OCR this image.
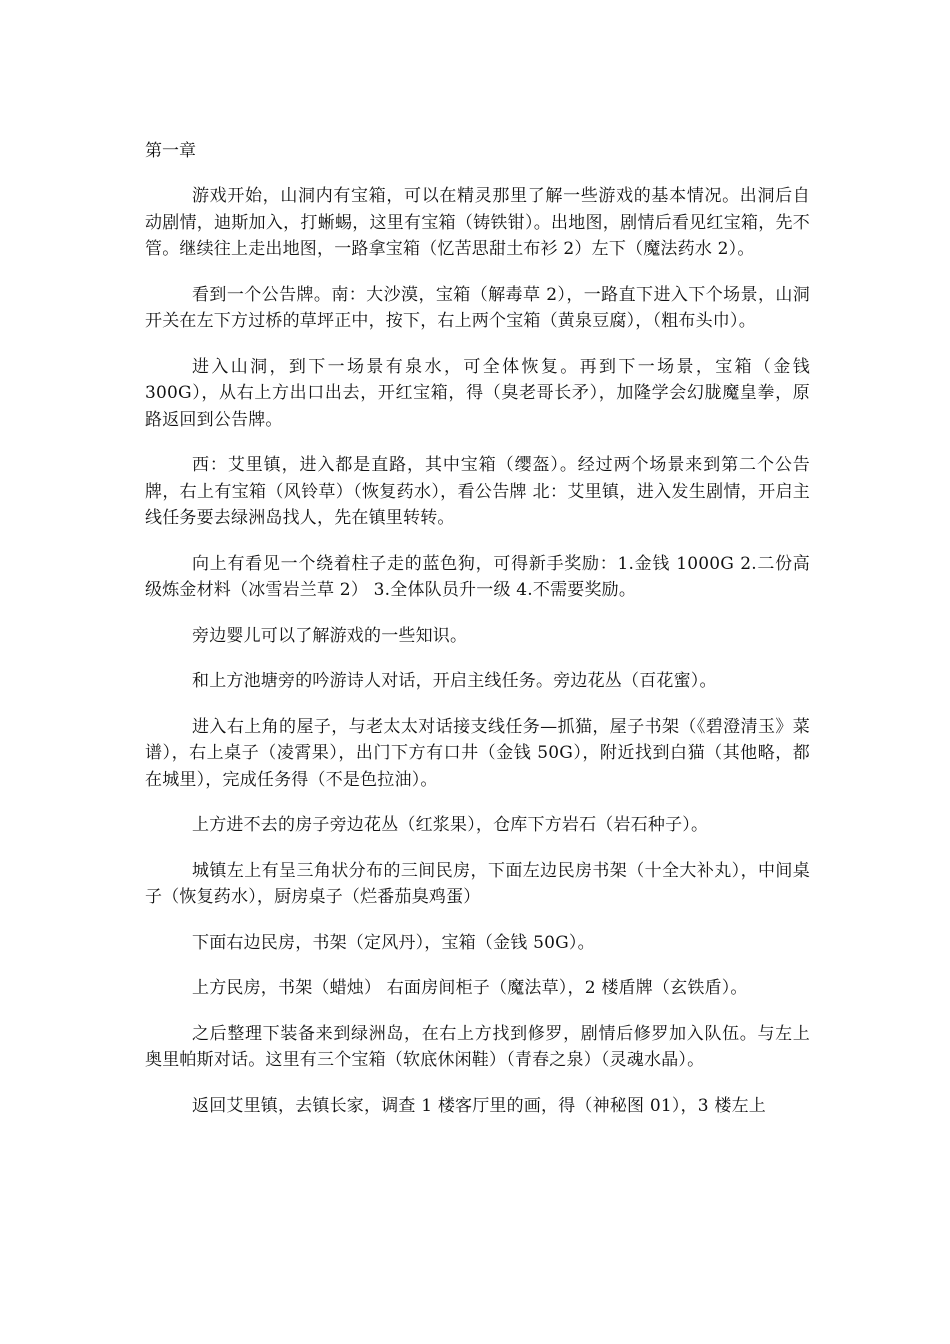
第一章

游戏开始，山洞内有宝箱，可以在精灵那里了解一些游戏的基本情况。出洞后自动剧情，迪斯加入，打蜥蜴，这里有宝箱（铸铁钳）。出地图，剧情后看见红宝箱，先不管。继续往上走出地图，一路拿宝箱（忆苦思甜土布衫 2）左下（魔法药水 2）。

看到一个公告牌。南：大沙漠，宝箱（解毒草 2），一路直下进入下个场景，山洞开关在左下方过桥的草坪正中，按下，右上两个宝箱（黄泉豆腐），（粗布头巾）。

进入山洞，到下一场景有泉水，可全体恢复。再到下一场景，宝箱（金钱 300G），从右上方出口出去，开红宝箱，得（臭老哥长矛），加隆学会幻胧魔皇拳，原路返回到公告牌。

西：艾里镇，进入都是直路，其中宝箱（缨盔）。经过两个场景来到第二个公告牌，右上有宝箱（风铃草）（恢复药水），看公告牌 北：艾里镇，进入发生剧情，开启主线任务要去绿洲岛找人，先在镇里转转。

向上有看见一个绕着柱子走的蓝色狗，可得新手奖励：1.金钱 1000G 2.二份高级炼金材料（冰雪岩兰草 2） 3.全体队员升一级 4.不需要奖励。

旁边婴儿可以了解游戏的一些知识。

和上方池塘旁的吟游诗人对话，开启主线任务。旁边花丛（百花蜜）。

进入右上角的屋子，与老太太对话接支线任务—抓猫，屋子书架（《碧澄清玉》菜谱），右上桌子（凌霄果），出门下方有口井（金钱 50G），附近找到白猫（其他略，都在城里），完成任务得（不是色拉油）。

上方进不去的房子旁边花丛（红浆果），仓库下方岩石（岩石种子）。

城镇左上有呈三角状分布的三间民房，下面左边民房书架（十全大补丸），中间桌子（恢复药水），厨房桌子（烂番茄臭鸡蛋）

下面右边民房，书架（定风丹），宝箱（金钱 50G）。

上方民房，书架（蜡烛） 右面房间柜子（魔法草），2 楼盾牌（玄铁盾）。

之后整理下装备来到绿洲岛，在右上方找到修罗，剧情后修罗加入队伍。与左上奥里帕斯对话。这里有三个宝箱（软底休闲鞋）（青春之泉）（灵魂水晶）。

返回艾里镇，去镇长家，调查 1 楼客厅里的画，得（神秘图 01），3 楼左上
